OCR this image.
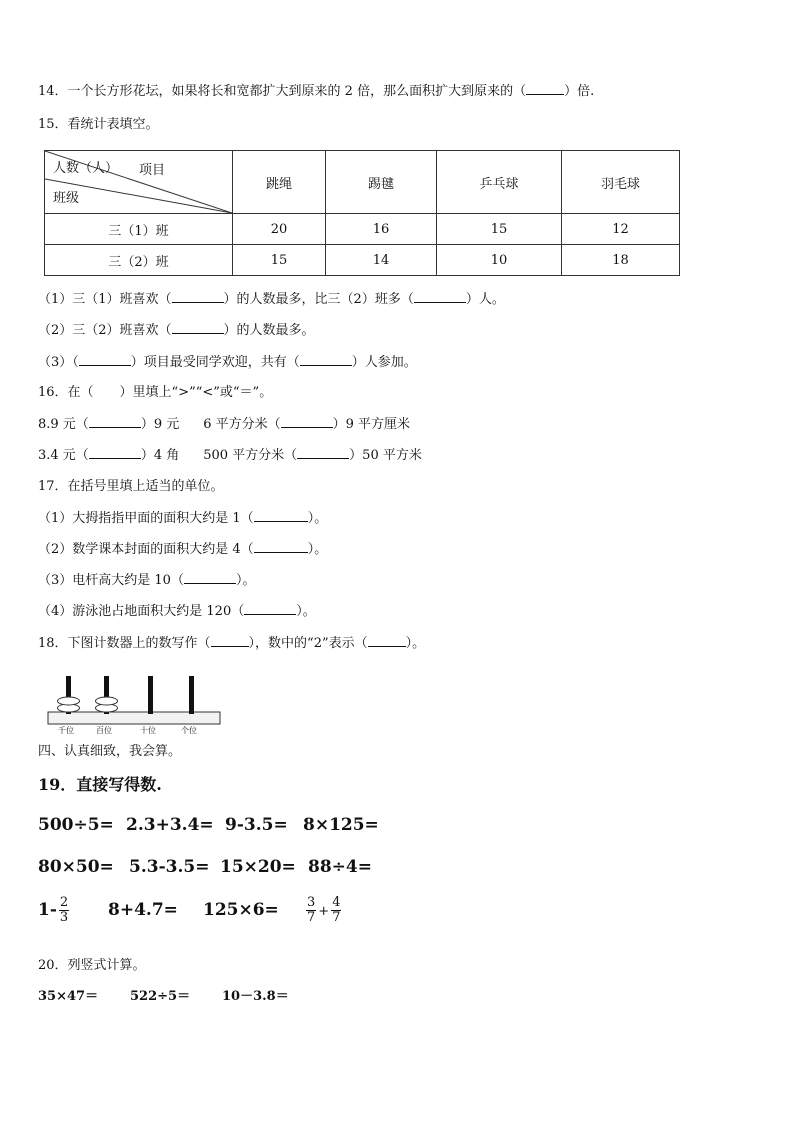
14．一个长方形花坛，如果将长和宽都扩大到原来的 2 倍，那么面积扩大到原来的（	）倍.
15．看统计表填空。
人数（人） 项目
班级	跳绳	踢毽	乒乓球	羽毛球
三（1）班	20	16	15	12
三（2）班	15	14	10	18
（1）三（1）班喜欢（	）的人数最多，比三（2）班多（	）人。
（2）三（2）班喜欢（	）的人数最多。
（3）（	）项目最受同学欢迎，共有（	）人参加。
16．在（　　）里填上“>”“<”或“＝”。
8.9 元（	）9 元 6 平方分米（	）9 平方厘米
3.4 元（	）4 角 500 平方分米（	）50 平方米
17．在括号里填上适当的单位。
（1）大拇指指甲面的面积大约是 1（	）。
（2）数学课本封面的面积大约是 4（	）。
（3）电杆高大约是 10（	）。
（4）游泳池占地面积大约是 120（	）。
18．下图计数器上的数写作（	），数中的“2”表示（	）。
千位	百位	十位	个位
四、认真细致，我会算。
19．直接写得数.
500÷5= 2.3+3.4= 9-3.5= 8×125=
80×50= 5.3-3.5= 15×20= 88÷4=
$1- \frac{2}{3} 8+4.7= 125\times 6= \frac{3}{7} + \frac{4}{7}$
20．列竖式计算。
35×47＝ 522÷5＝ 10－3.8＝
